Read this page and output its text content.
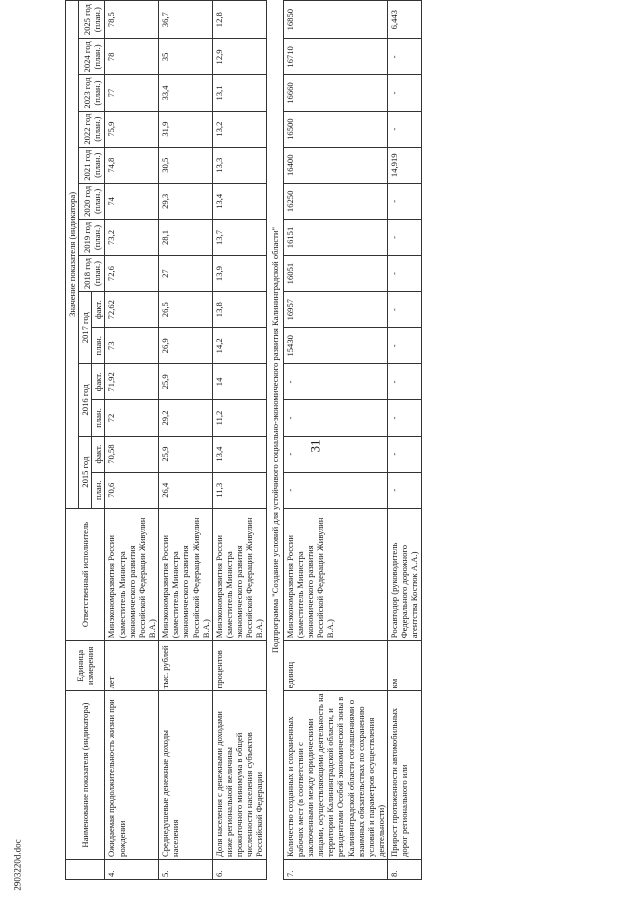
31
2903220d.doc
	Наименование показателя (индикатора)	Единица измерения	Ответственный исполнитель	Значение показателя (индикатора)													
				2015 год		2016 год		2017 год		2018 год (план.)	2019 год (план.)	2020 год (план.)	2021 год (план.)	2022 год (план.)	2023 год (план.)	2024 год (план.)	2025 год (план.)
				план.	факт.	план.	факт.	план.	факт.								
4.	Ожидаемая продолжительность жизни при рождении	лет	Минэкономразвития России (заместитель Министра экономического развития Российской Федерации Живулин В.А.)	70,6	70,58	72	71,92	73	72,62	72,6	73,2	74	74,8	75,9	77	78	78,5
5.	Среднедушевые денежные доходы населения	тыс. рублей	Минэкономразвития России (заместитель Министра экономического развития Российской Федерации Живулин В.А.)	26,4	25,9	29,2	25,9	26,9	26,5	27	28,1	29,3	30,5	31,9	33,4	35	36,7
6.	Доля населения с денежными доходами ниже региональной величины прожиточного минимума в общей численности населения субъектов Российской Федерации	процентов	Минэкономразвития России (заместитель Министра экономического развития Российской Федерации Живулин В.А.)	11,3	13,4	11,2	14	14,2	13,8	13,9	13,7	13,4	13,3	13,2	13,1	12,9	12,8
Подпрограмма "Создание условий для устойчивого социально-экономического развития Калининградской области"																	
7.	Количество созданных и сохраненных рабочих мест (в соответствии с заключенными между юридическими лицами, осуществляющими деятельность на территории Калининградской области, и резидентами Особой экономической зоны в Калининградской области соглашениями о взаимных обязательствах по сохранению условий и параметров осуществления деятельности)	единиц	Минэкономразвития России (заместитель Министра экономического развития Российской Федерации Живулин В.А.)	-	-	-	-	15430	16957	16051	16151	16250	16400	16500	16660	16710	16850
8.	Прирост протяженности автомобильных дорог регионального или	км	Росавтодор (руководитель Федерального дорожного агентства Костюк А.А.)	-	-	-	-	-	-	-	-	-	14,919	-	-	-	6,443
